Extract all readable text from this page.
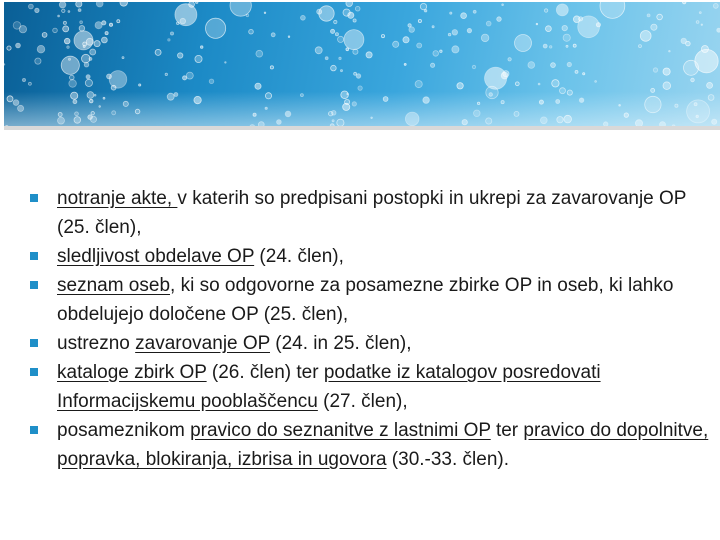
notranje akte, v katerih so predpisani postopki in ukrepi za zavarovanje OP (25. člen),
sledljivost obdelave OP (24. člen),
seznam oseb, ki so odgovorne za posamezne zbirke OP in oseb, ki lahko obdelujejo določene OP (25. člen),
ustrezno zavarovanje OP (24. in 25. člen),
kataloge zbirk OP (26. člen) ter podatke iz katalogov posredovati Informacijskemu pooblaščencu (27. člen),
posameznikom pravico do seznanitve z lastnimi OP ter pravico do dopolnitve, popravka, blokiranja, izbrisa in ugovora (30.-33. člen).
